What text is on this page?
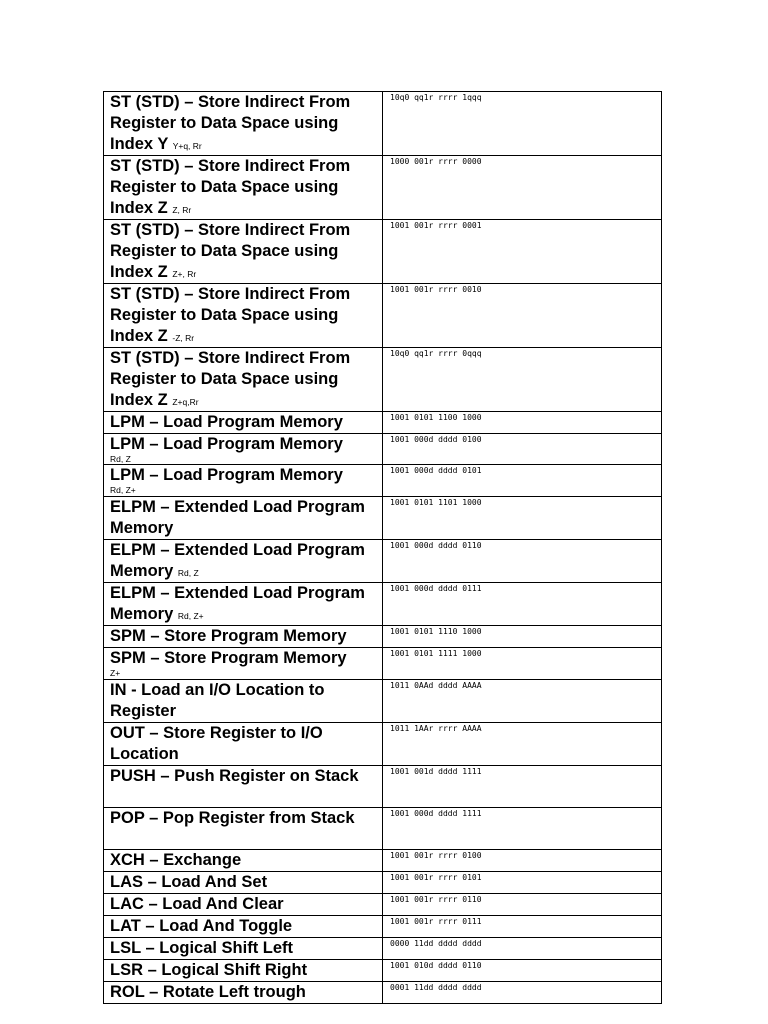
ST (STD) – Store Indirect From Register to Data Space using Index Y Y+q, Rr	10q0 qq1r rrrr 1qqq

ST (STD) – Store Indirect From Register to Data Space using Index Z Z, Rr	1000 001r rrrr 0000

ST (STD) – Store Indirect From Register to Data Space using Index Z Z+, Rr	1001 001r rrrr 0001

ST (STD) – Store Indirect From Register to Data Space using Index Z -Z, Rr	1001 001r rrrr 0010

ST (STD) – Store Indirect From Register to Data Space using Index Z Z+q,Rr	10q0 qq1r rrrr 0qqq

LPM – Load Program Memory	1001 0101 1100 1000

LPM – Load Program Memory
Rd, Z	1001 000d dddd 0100

LPM – Load Program Memory
Rd, Z+	1001 000d dddd 0101

ELPM – Extended Load Program Memory	1001 0101 1101 1000

ELPM – Extended Load Program Memory Rd, Z	1001 000d dddd 0110

ELPM – Extended Load Program Memory Rd, Z+	1001 000d dddd 0111

SPM – Store Program Memory	1001 0101 1110 1000

SPM – Store Program Memory
Z+	1001 0101 1111 1000

IN - Load an I/O Location to Register	1011 0AAd dddd AAAA

OUT – Store Register to I/O Location	1011 1AAr rrrr AAAA

PUSH – Push Register on Stack	1001 001d dddd 1111

POP – Pop Register from Stack	1001 000d dddd 1111

XCH – Exchange	1001 001r rrrr 0100

LAS – Load And Set	1001 001r rrrr 0101

LAC – Load And Clear	1001 001r rrrr 0110

LAT – Load And Toggle	1001 001r rrrr 0111

LSL – Logical Shift Left	0000 11dd dddd dddd

LSR – Logical Shift Right	1001 010d dddd 0110

ROL – Rotate Left trough	0001 11dd dddd dddd
